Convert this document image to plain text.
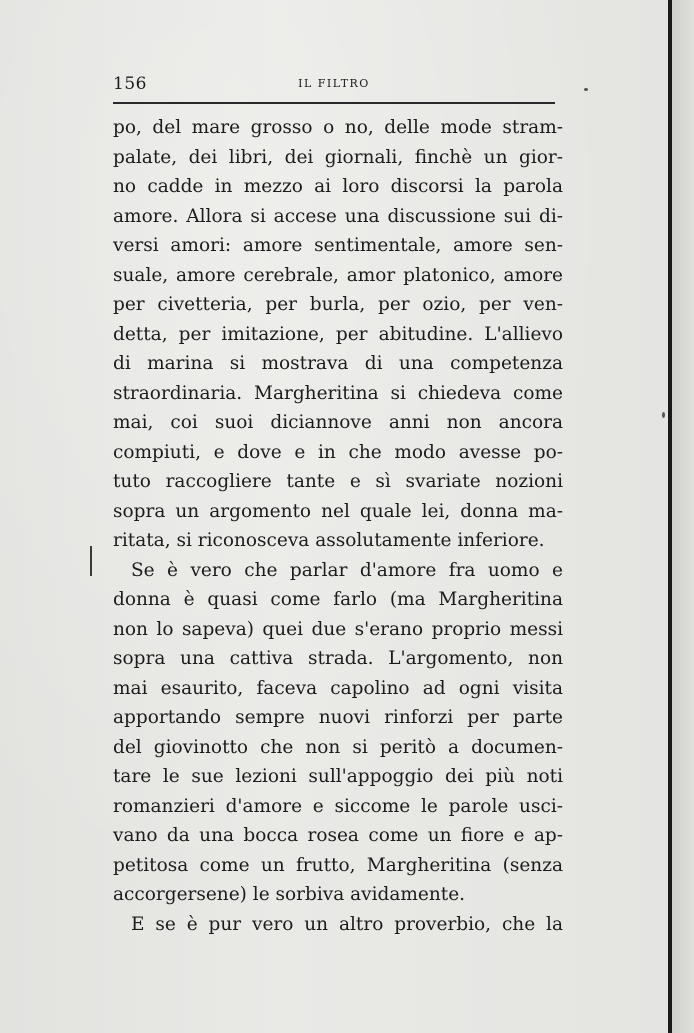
156	IL FILTRO
po, del mare grosso o no, delle mode stram-
palate, dei libri, dei giornali, finchè un gior-
no cadde in mezzo ai loro discorsi la parola
amore. Allora si accese una discussione sui di-
versi amori: amore sentimentale, amore sen-
suale, amore cerebrale, amor platonico, amore
per civetteria, per burla, per ozio, per ven-
detta, per imitazione, per abitudine. L'allievo
di marina si mostrava di una competenza
straordinaria. Margheritina si chiedeva come
mai, coi suoi diciannove anni non ancora
compiuti, e dove e in che modo avesse po-
tuto raccogliere tante e sì svariate nozioni
sopra un argomento nel quale lei, donna ma-
ritata, si riconosceva assolutamente inferiore.
Se è vero che parlar d'amore fra uomo e
donna è quasi come farlo (ma Margheritina
non lo sapeva) quei due s'erano proprio messi
sopra una cattiva strada. L'argomento, non
mai esaurito, faceva capolino ad ogni visita
apportando sempre nuovi rinforzi per parte
del giovinotto che non si peritò a documen-
tare le sue lezioni sull'appoggio dei più noti
romanzieri d'amore e siccome le parole usci-
vano da una bocca rosea come un fiore e ap-
petitosa come un frutto, Margheritina (senza
accorgersene) le sorbiva avidamente.
E se è pur vero un altro proverbio, che la
